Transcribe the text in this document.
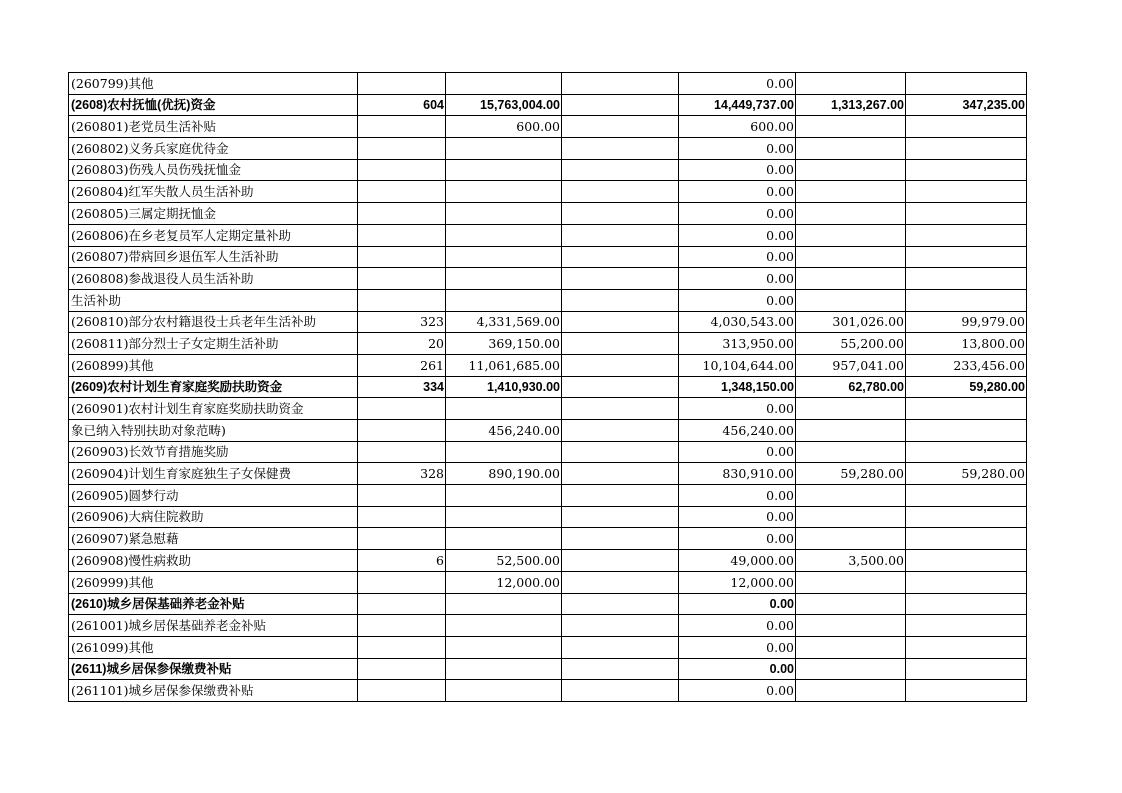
(260799)其他				0.00		
(2608)农村抚恤(优抚)资金	604	15,763,004.00		14,449,737.00	1,313,267.00	347,235.00
(260801)老党员生活补贴		600.00		600.00		
(260802)义务兵家庭优待金				0.00		
(260803)伤残人员伤残抚恤金				0.00		
(260804)红军失散人员生活补助				0.00		
(260805)三属定期抚恤金				0.00		
(260806)在乡老复员军人定期定量补助				0.00		
(260807)带病回乡退伍军人生活补助				0.00		
(260808)参战退役人员生活补助				0.00		
生活补助				0.00		
(260810)部分农村籍退役士兵老年生活补助	323	4,331,569.00		4,030,543.00	301,026.00	99,979.00
(260811)部分烈士子女定期生活补助	20	369,150.00		313,950.00	55,200.00	13,800.00
(260899)其他	261	11,061,685.00		10,104,644.00	957,041.00	233,456.00
(2609)农村计划生育家庭奖励扶助资金	334	1,410,930.00		1,348,150.00	62,780.00	59,280.00
(260901)农村计划生育家庭奖励扶助资金				0.00		
象已纳入特别扶助对象范畴)		456,240.00		456,240.00		
(260903)长效节育措施奖励				0.00		
(260904)计划生育家庭独生子女保健费	328	890,190.00		830,910.00	59,280.00	59,280.00
(260905)圆梦行动				0.00		
(260906)大病住院救助				0.00		
(260907)紧急慰藉				0.00		
(260908)慢性病救助	6	52,500.00		49,000.00	3,500.00	
(260999)其他		12,000.00		12,000.00		
(2610)城乡居保基础养老金补贴				0.00		
(261001)城乡居保基础养老金补贴				0.00		
(261099)其他				0.00		
(2611)城乡居保参保缴费补贴				0.00		
(261101)城乡居保参保缴费补贴				0.00		
